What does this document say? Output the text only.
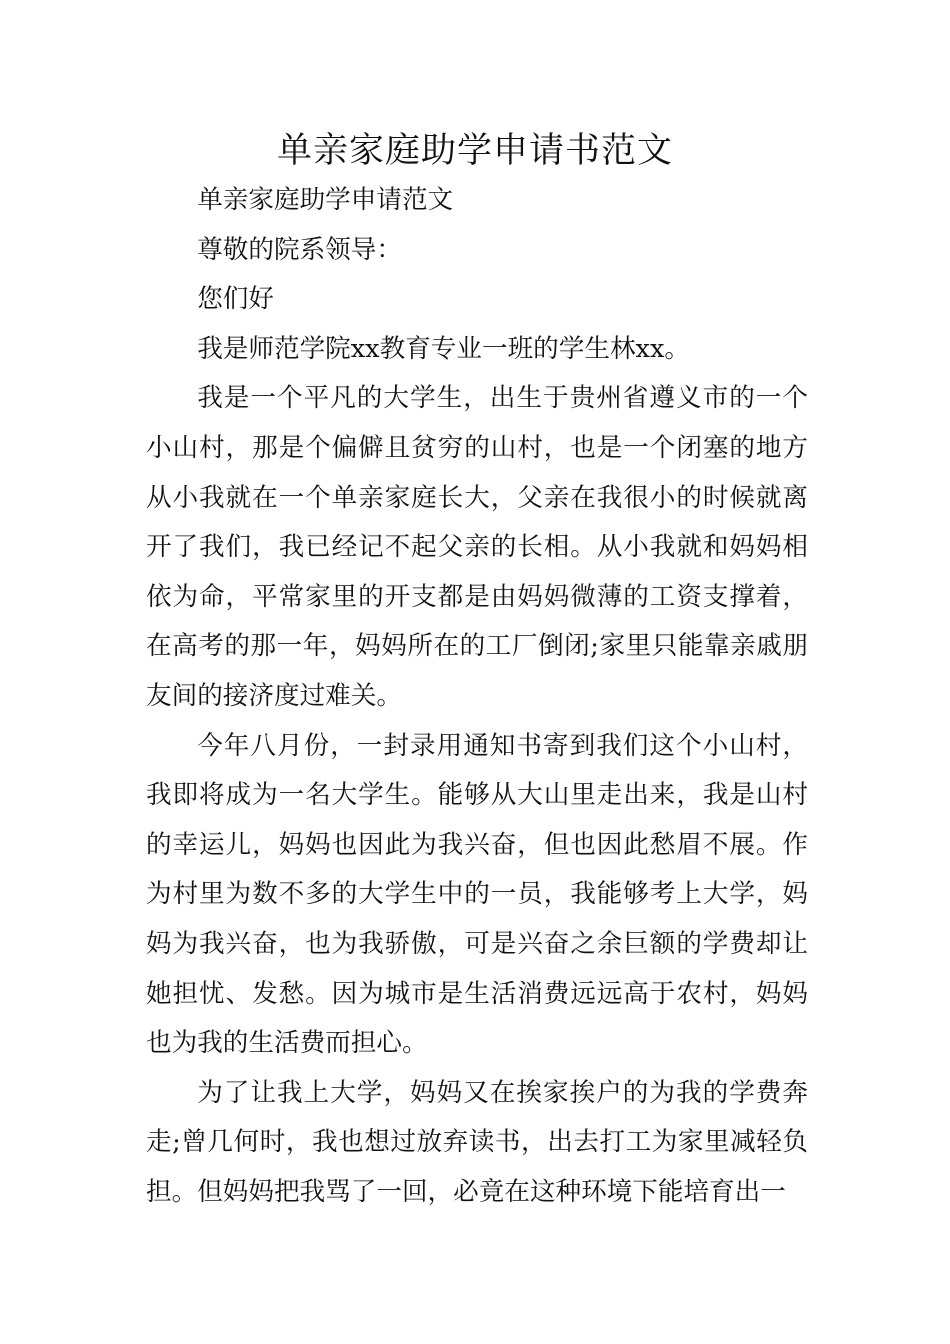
单亲家庭助学申请书范文

单亲家庭助学申请范文

尊敬的院系领导：

您们好

我是师范学院xx教育专业一班的学生林xx。

我是一个平凡的大学生，出生于贵州省遵义市的一个小山村，那是个偏僻且贫穷的山村，也是一个闭塞的地方从小我就在一个单亲家庭长大，父亲在我很小的时候就离开了我们，我已经记不起父亲的长相。从小我就和妈妈相依为命，平常家里的开支都是由妈妈微薄的工资支撑着，在高考的那一年，妈妈所在的工厂倒闭;家里只能靠亲戚朋友间的接济度过难关。

今年八月份，一封录用通知书寄到我们这个小山村，我即将成为一名大学生。能够从大山里走出来，我是山村的幸运儿，妈妈也因此为我兴奋，但也因此愁眉不展。作为村里为数不多的大学生中的一员，我能够考上大学，妈妈为我兴奋，也为我骄傲，可是兴奋之余巨额的学费却让她担忧、发愁。因为城市是生活消费远远高于农村，妈妈也为我的生活费而担心。

为了让我上大学，妈妈又在挨家挨户的为我的学费奔走;曾几何时，我也想过放弃读书，出去打工为家里减轻负担。但妈妈把我骂了一回，必竟在这种环境下能培育出一
